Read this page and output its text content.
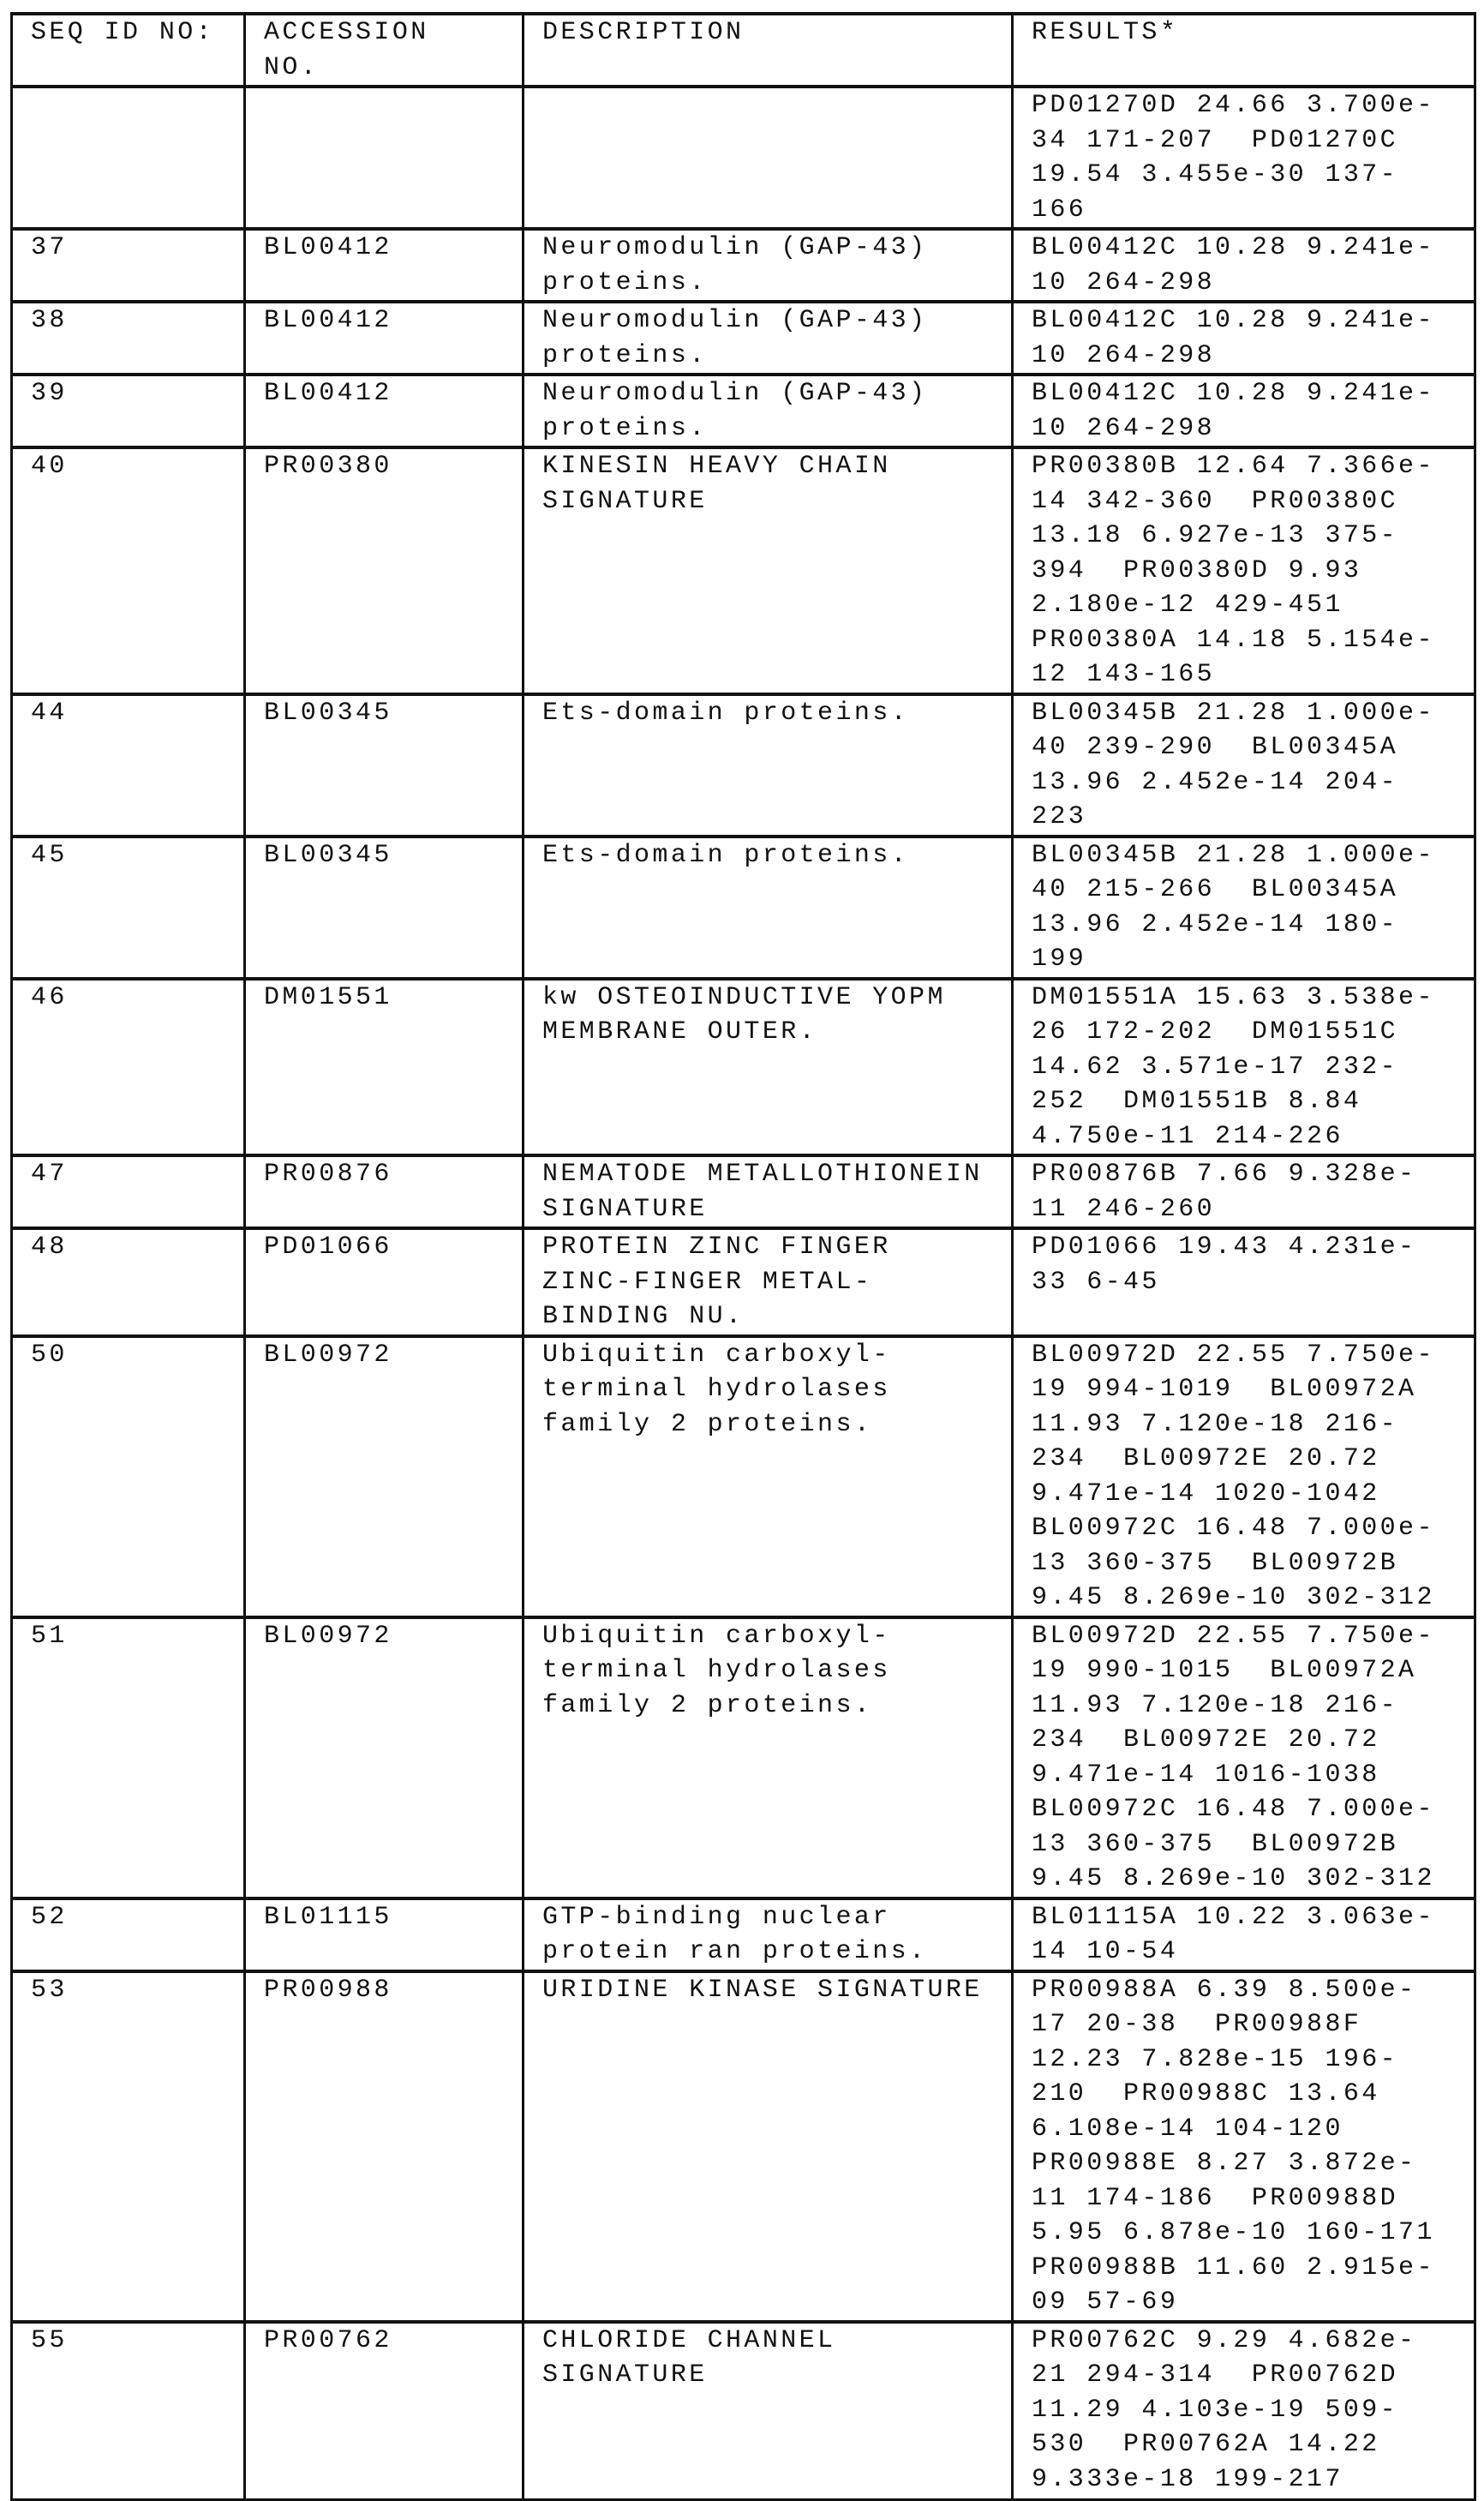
SEQ ID NO:	ACCESSION
NO.	DESCRIPTION	RESULTS*
			PD01270D 24.66 3.700e-
34 171-207  PD01270C
19.54 3.455e-30 137-
166
37	BL00412	Neuromodulin (GAP-43)
proteins.	BL00412C 10.28 9.241e-
10 264-298
38	BL00412	Neuromodulin (GAP-43)
proteins.	BL00412C 10.28 9.241e-
10 264-298
39	BL00412	Neuromodulin (GAP-43)
proteins.	BL00412C 10.28 9.241e-
10 264-298
40	PR00380	KINESIN HEAVY CHAIN
SIGNATURE	PR00380B 12.64 7.366e-
14 342-360  PR00380C
13.18 6.927e-13 375-
394  PR00380D 9.93
2.180e-12 429-451
PR00380A 14.18 5.154e-
12 143-165
44	BL00345	Ets-domain proteins.	BL00345B 21.28 1.000e-
40 239-290  BL00345A
13.96 2.452e-14 204-
223
45	BL00345	Ets-domain proteins.	BL00345B 21.28 1.000e-
40 215-266  BL00345A
13.96 2.452e-14 180-
199
46	DM01551	kw OSTEOINDUCTIVE YOPM
MEMBRANE OUTER.	DM01551A 15.63 3.538e-
26 172-202  DM01551C
14.62 3.571e-17 232-
252  DM01551B 8.84
4.750e-11 214-226
47	PR00876	NEMATODE METALLOTHIONEIN
SIGNATURE	PR00876B 7.66 9.328e-
11 246-260
48	PD01066	PROTEIN ZINC FINGER
ZINC-FINGER METAL-
BINDING NU.	PD01066 19.43 4.231e-
33 6-45
50	BL00972	Ubiquitin carboxyl-
terminal hydrolases
family 2 proteins.	BL00972D 22.55 7.750e-
19 994-1019  BL00972A
11.93 7.120e-18 216-
234  BL00972E 20.72
9.471e-14 1020-1042
BL00972C 16.48 7.000e-
13 360-375  BL00972B
9.45 8.269e-10 302-312
51	BL00972	Ubiquitin carboxyl-
terminal hydrolases
family 2 proteins.	BL00972D 22.55 7.750e-
19 990-1015  BL00972A
11.93 7.120e-18 216-
234  BL00972E 20.72
9.471e-14 1016-1038
BL00972C 16.48 7.000e-
13 360-375  BL00972B
9.45 8.269e-10 302-312
52	BL01115	GTP-binding nuclear
protein ran proteins.	BL01115A 10.22 3.063e-
14 10-54
53	PR00988	URIDINE KINASE SIGNATURE	PR00988A 6.39 8.500e-
17 20-38  PR00988F
12.23 7.828e-15 196-
210  PR00988C 13.64
6.108e-14 104-120
PR00988E 8.27 3.872e-
11 174-186  PR00988D
5.95 6.878e-10 160-171
PR00988B 11.60 2.915e-
09 57-69
55	PR00762	CHLORIDE CHANNEL
SIGNATURE	PR00762C 9.29 4.682e-
21 294-314  PR00762D
11.29 4.103e-19 509-
530  PR00762A 14.22
9.333e-18 199-217
